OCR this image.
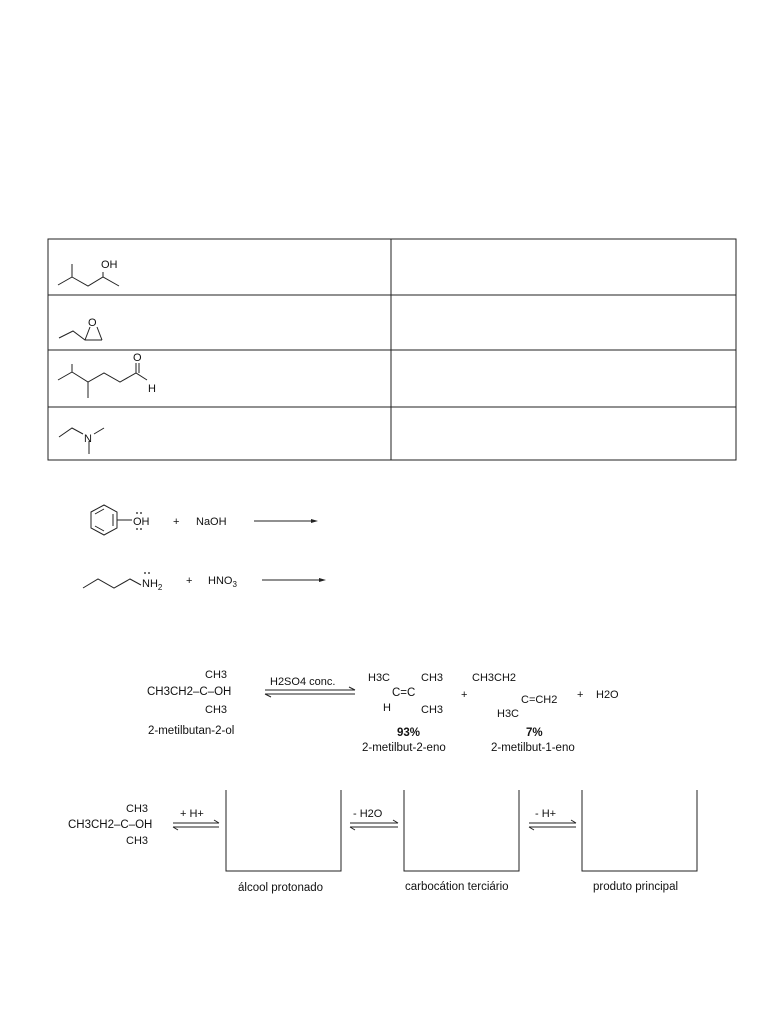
OH
O
O
H
N
OH + NaOH
$NH_2$
+ $HNO_3$
CH3
CH3CH2–C–OH
CH3
2-metilbutan-2-ol
H2SO4 conc.	H3C	CH3
C=C
H	CH3
93%
2-metilbut-2-eno
+
CH3CH2
C=CH2
H3C
7%
2-metilbut-1-eno
+ H2O
CH3
CH3CH2–C–OH
CH3
+ H+
álcool protonado
- H2O
carbocátion terciário
- H+
produto principal
